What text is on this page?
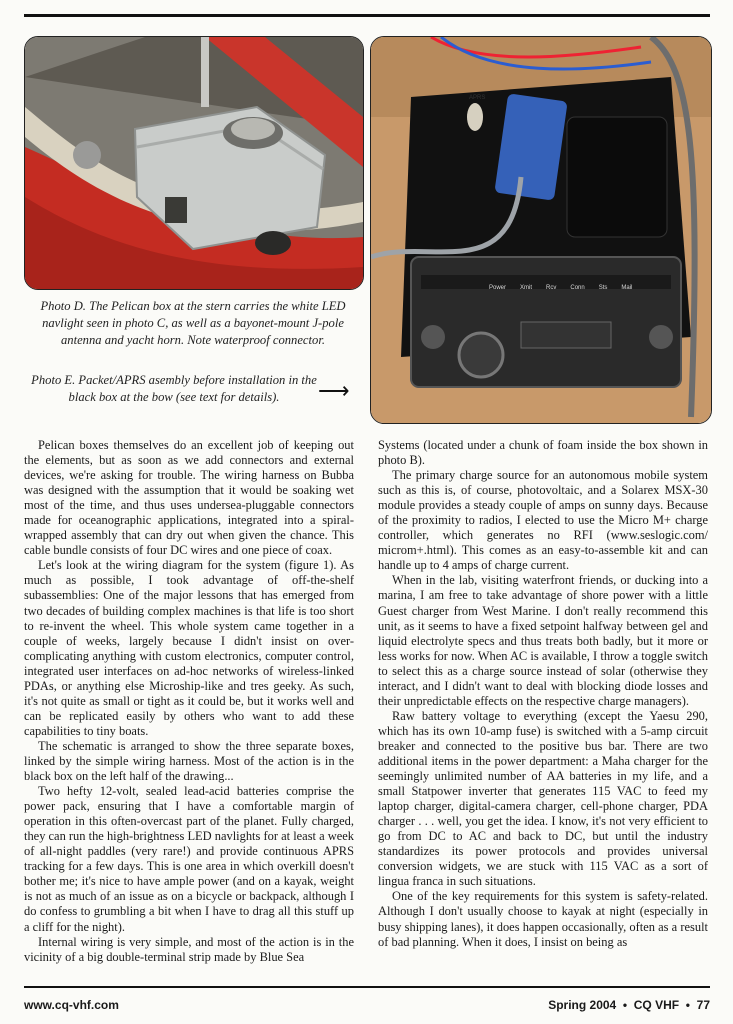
Photo D. The Pelican box at the stern carries the white LED navlight seen in photo C, as well as a bayonet-mount J-pole antenna and yacht horn. Note waterproof connector.
Photo E. Packet/APRS asembly before installation in the black box at the bow (see text for details).	⟶
Power Xmit Rcv Conn Sts Mail
APRS

Pelican boxes themselves do an excellent job of keeping out the elements, but as soon as we add connectors and external devices, we're asking for trouble. The wiring harness on Bubba was designed with the assumption that it would be soaking wet most of the time, and thus uses undersea-pluggable connectors made for oceanographic applications, integrated into a spiral-wrapped assembly that can dry out when given the chance. This cable bundle consists of four DC wires and one piece of coax.

Let's look at the wiring diagram for the system (figure 1). As much as possible, I took advantage of off-the-shelf subassemblies: One of the major lessons that has emerged from two decades of building complex machines is that life is too short to re-invent the wheel. This whole system came together in a couple of weeks, largely because I didn't insist on over-complicating anything with custom electronics, computer control, integrated user interfaces on ad-hoc networks of wireless-linked PDAs, or anything else Microship-like and tres geeky. As such, it's not quite as small or tight as it could be, but it works well and can be replicated easily by others who want to add these capabilities to tiny boats.

The schematic is arranged to show the three separate boxes, linked by the simple wiring harness. Most of the action is in the black box on the left half of the drawing...

Two hefty 12-volt, sealed lead-acid batteries comprise the power pack, ensuring that I have a comfortable margin of operation in this often-overcast part of the planet. Fully charged, they can run the high-brightness LED navlights for at least a week of all-night paddles (very rare!) and provide continuous APRS tracking for a few days. This is one area in which overkill doesn't bother me; it's nice to have ample power (and on a kayak, weight is not as much of an issue as on a bicycle or backpack, although I do confess to grumbling a bit when I have to drag all this stuff up a cliff for the night).

Internal wiring is very simple, and most of the action is in the vicinity of a big double-terminal strip made by Blue Sea

Systems (located under a chunk of foam inside the box shown in photo B).

The primary charge source for an autonomous mobile system such as this is, of course, photovoltaic, and a Solarex MSX-30 module provides a steady couple of amps on sunny days. Because of the proximity to radios, I elected to use the Micro M+ charge controller, which generates no RFI (www.seslogic.com/ microm+.html). This comes as an easy-to-assemble kit and can handle up to 4 amps of charge current.

When in the lab, visiting waterfront friends, or ducking into a marina, I am free to take advantage of shore power with a little Guest charger from West Marine. I don't really recommend this unit, as it seems to have a fixed setpoint halfway between gel and liquid electrolyte specs and thus treats both badly, but it more or less works for now. When AC is available, I throw a toggle switch to select this as a charge source instead of solar (otherwise they interact, and I didn't want to deal with blocking diode losses and their unpredictable effects on the respective charge managers).

Raw battery voltage to everything (except the Yaesu 290, which has its own 10-amp fuse) is switched with a 5-amp circuit breaker and connected to the positive bus bar. There are two additional items in the power department: a Maha charger for the seemingly unlimited number of AA batteries in my life, and a small Statpower inverter that generates 115 VAC to feed my laptop charger, digital-camera charger, cell-phone charger, PDA charger . . . well, you get the idea. I know, it's not very efficient to go from DC to AC and back to DC, but until the industry standardizes its power protocols and provides universal conversion widgets, we are stuck with 115 VAC as a sort of lingua franca in such situations.

One of the key requirements for this system is safety-related. Although I don't usually choose to kayak at night (especially in busy shipping lanes), it does happen occasionally, often as a result of bad planning. When it does, I insist on being as

www.cq-vhf.com	Spring 2004  •  CQ VHF  •  77
